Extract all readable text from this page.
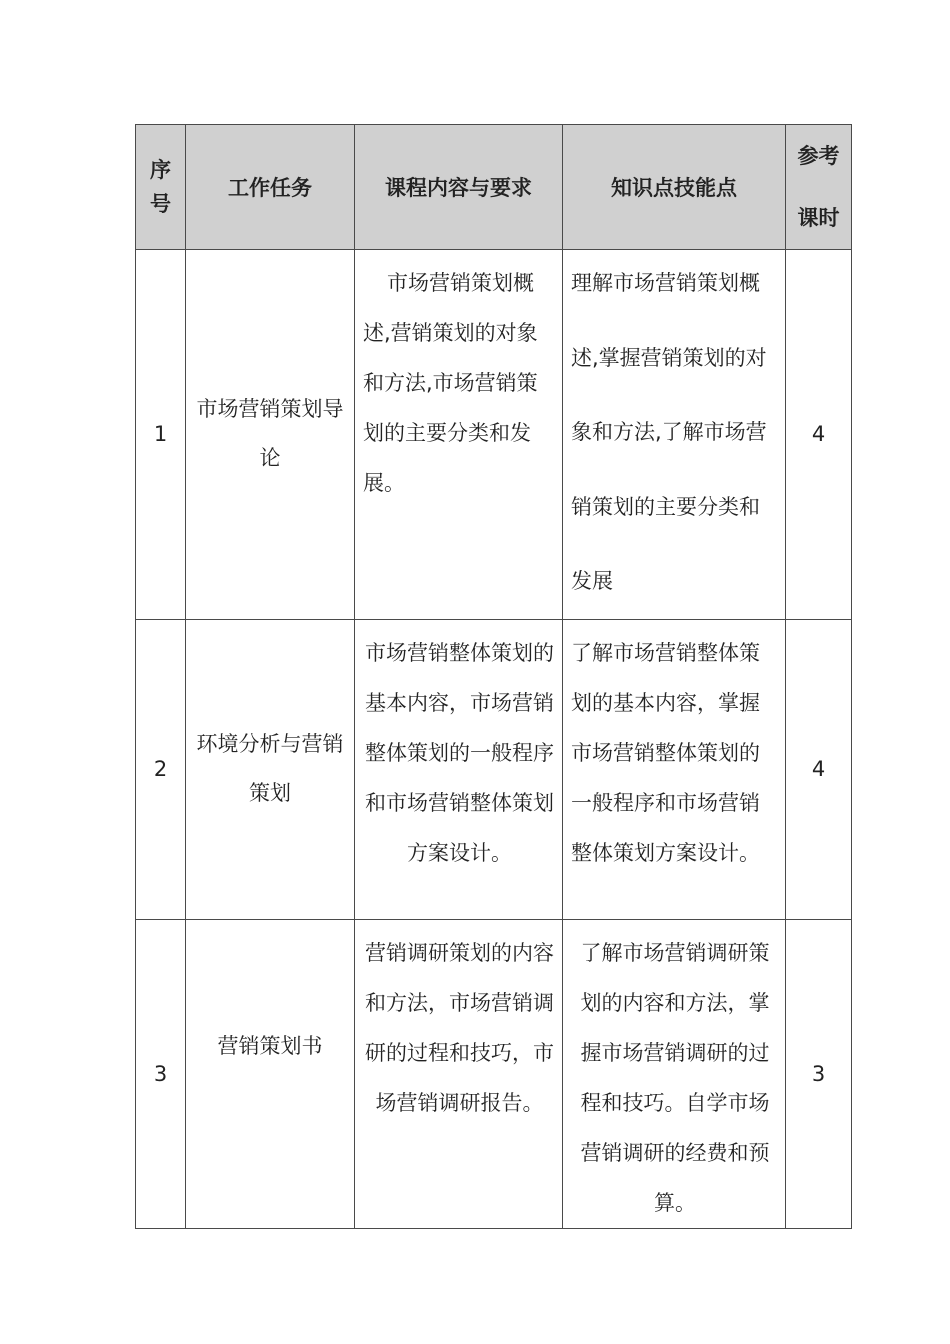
序号	工作任务	课程内容与要求	知识点技能点	参考课时

1	市场营销策划导论	市场营销策划概述,营销策划的对象和方法,市场营销策划的主要分类和发展。	理解市场营销策划概述,掌握营销策划的对象和方法,了解市场营销策划的主要分类和发展	4
2	环境分析与营销策划	市场营销整体策划的基本内容，市场营销整体策划的一般程序和市场营销整体策划方案设计。	了解市场营销整体策划的基本内容，掌握市场营销整体策划的一般程序和市场营销整体策划方案设计。	4
3	营销策划书	营销调研策划的内容和方法，市场营销调研的过程和技巧，市场营销调研报告。	了解市场营销调研策划的内容和方法，掌握市场营销调研的过程和技巧。自学市场营销调研的经费和预算。	3
